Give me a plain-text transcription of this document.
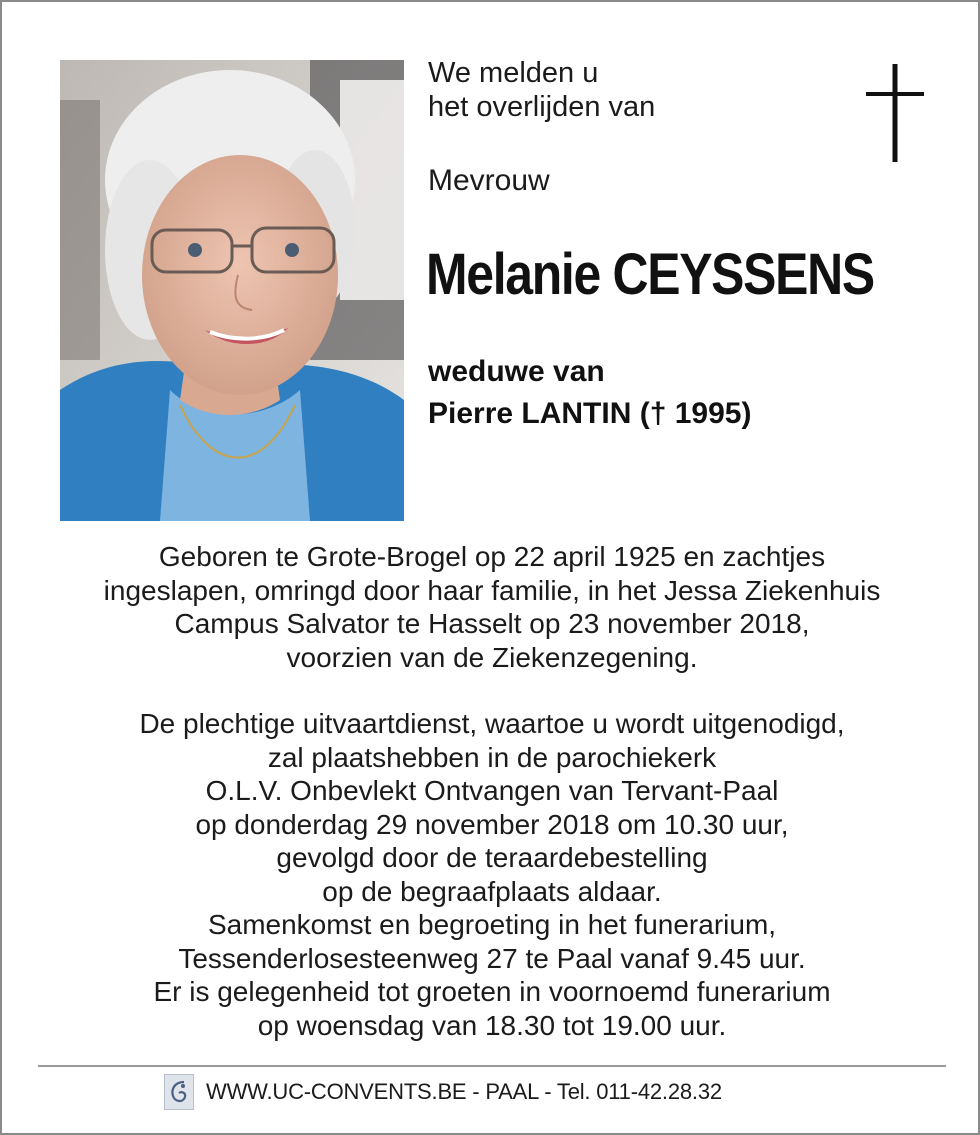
We melden u
het overlijden van
Mevrouw
Melanie CEYSSENS
weduwe van
Pierre LANTIN († 1995)
Geboren te Grote-Brogel op 22 april 1925 en zachtjes
ingeslapen, omringd door haar familie, in het Jessa Ziekenhuis
Campus Salvator te Hasselt op 23 november 2018,
voorzien van de Ziekenzegening.
De plechtige uitvaartdienst, waartoe u wordt uitgenodigd,
zal plaatshebben in de parochiekerk
O.L.V. Onbevlekt Ontvangen van Tervant-Paal
op donderdag 29 november 2018 om 10.30 uur,
gevolgd door de teraardebestelling
op de begraafplaats aldaar.
Samenkomst en begroeting in het funerarium,
Tessenderlosesteenweg 27 te Paal vanaf 9.45 uur.
Er is gelegenheid tot groeten in voornoemd funerarium
op woensdag van 18.30 tot 19.00 uur.
WWW.UC-CONVENTS.BE - PAAL - Tel. 011-42.28.32
